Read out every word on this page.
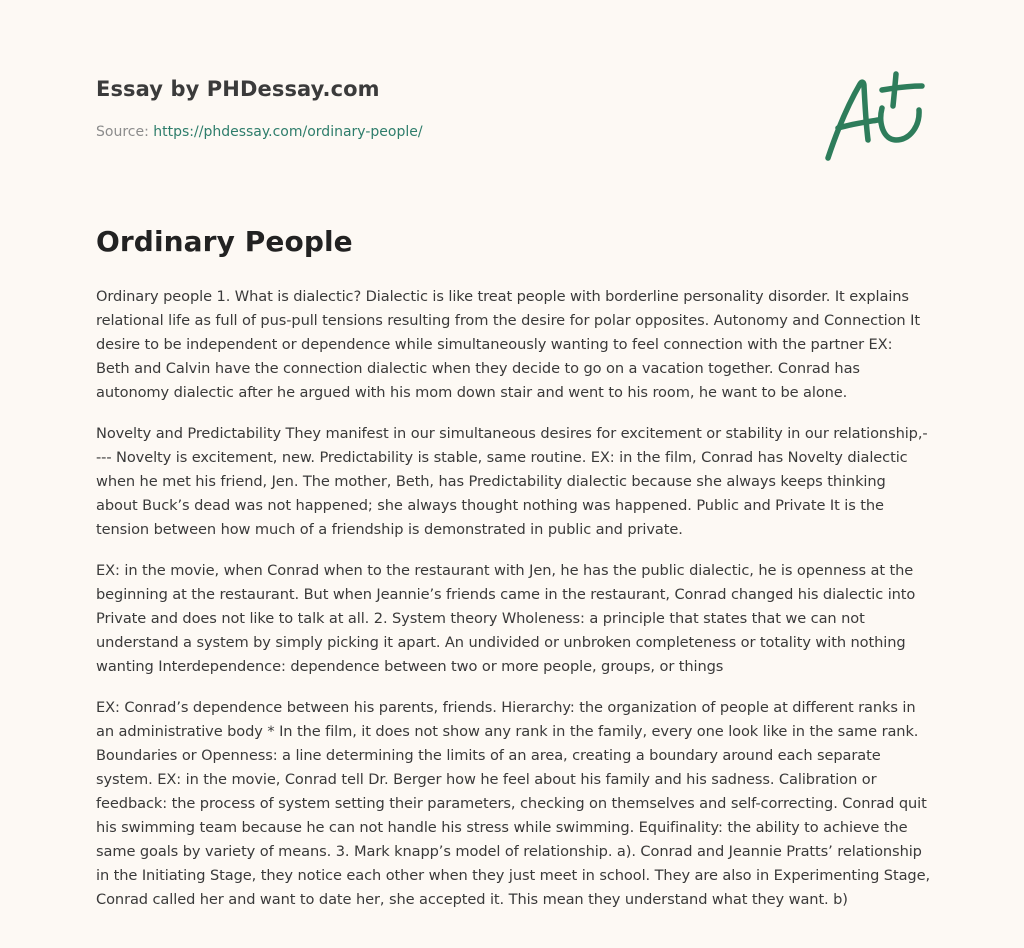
Essay by PHDessay.com

Source: https://phdessay.com/ordinary-people/

Ordinary People

Ordinary people 1. What is dialectic? Dialectic is like treat people with borderline personality disorder. It explains relational life as full of pus-pull tensions resulting from the desire for polar opposites. Autonomy and Connection It desire to be independent or dependence while simultaneously wanting to feel connection with the partner EX: Beth and Calvin have the connection dialectic when they decide to go on a vacation together. Conrad has autonomy dialectic after he argued with his mom down stair and went to his room, he want to be alone.

Novelty and Predictability They manifest in our simultaneous desires for excitement or stability in our relationship,---- Novelty is excitement, new. Predictability is stable, same routine. EX: in the film, Conrad has Novelty dialectic when he met his friend, Jen. The mother, Beth, has Predictability dialectic because she always keeps thinking about Buck’s dead was not happened; she always thought nothing was happened. Public and Private It is the tension between how much of a friendship is demonstrated in public and private.

EX: in the movie, when Conrad when to the restaurant with Jen, he has the public dialectic, he is openness at the beginning at the restaurant. But when Jeannie’s friends came in the restaurant, Conrad changed his dialectic into Private and does not like to talk at all. 2. System theory Wholeness: a principle that states that we can not understand a system by simply picking it apart. An undivided or unbroken completeness or totality with nothing wanting Interdependence: dependence between two or more people, groups, or things

EX: Conrad’s dependence between his parents, friends. Hierarchy: the organization of people at different ranks in an administrative body * In the film, it does not show any rank in the family, every one look like in the same rank. Boundaries or Openness: a line determining the limits of an area, creating a boundary around each separate system. EX: in the movie, Conrad tell Dr. Berger how he feel about his family and his sadness. Calibration or feedback: the process of system setting their parameters, checking on themselves and self-correcting. Conrad quit his swimming team because he can not handle his stress while swimming. Equifinality: the ability to achieve the same goals by variety of means. 3. Mark knapp’s model of relationship. a). Conrad and Jeannie Pratts’ relationship in the Initiating Stage, they notice each other when they just meet in school. They are also in Experimenting Stage, Conrad called her and want to date her, she accepted it. This mean they understand what they want. b)
